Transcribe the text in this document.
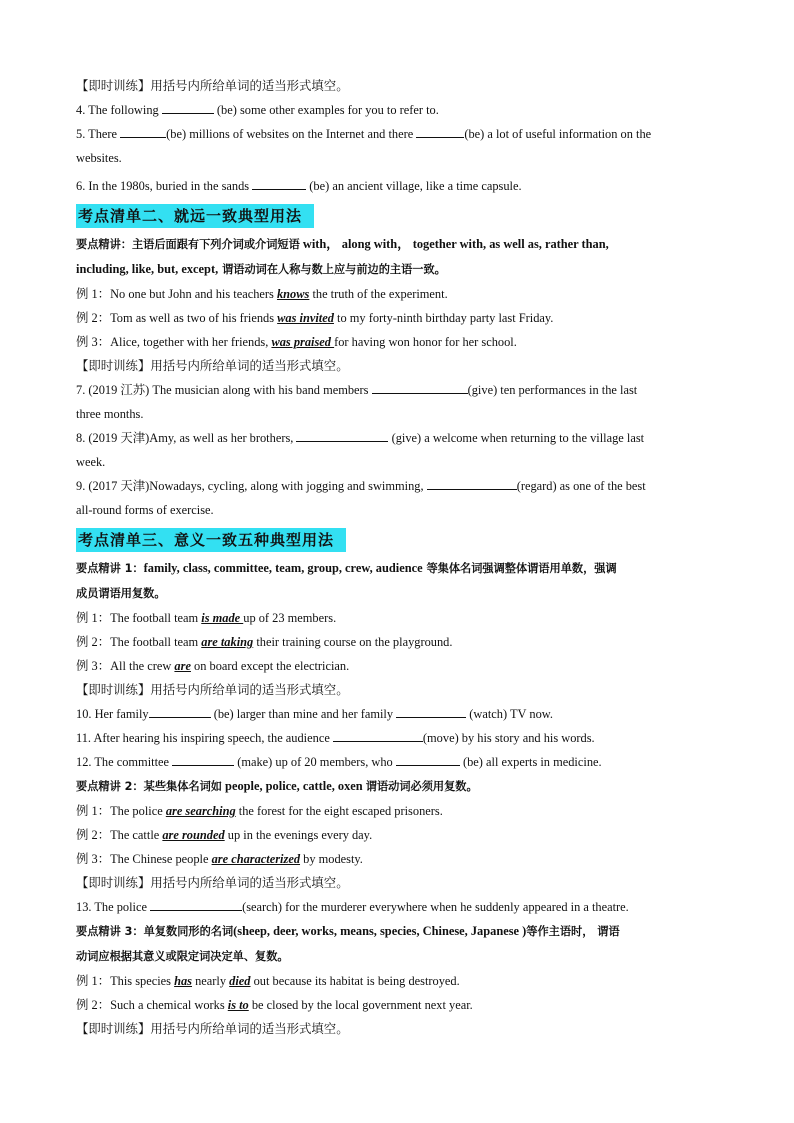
【即时训练】用括号内所给单词的适当形式填空。
4. The following	(be) some other examples for you to refer to.
5. There	(be) millions of websites on the Internet and there	(be) a lot of useful information on the
websites.
6. In the 1980s, buried in the sands	(be) an ancient village, like a time capsule.
考点清单二、就远一致典型用法
要点精讲：主语后面跟有下列介词或介词短语 with， along with， together with, as well as, rather than,
including, like, but, except, 谓语动词在人称与数上应与前边的主语一致。
例 1：No one but John and his teachers knows the truth of the experiment.
例 2：Tom as well as two of his friends was invited to my forty-ninth birthday party last Friday.
例 3：Alice, together with her friends, was praised for having won honor for her school.
【即时训练】用括号内所给单词的适当形式填空。
7. (2019 江苏) The musician along with his band members	(give) ten performances in the last
three months.
8. (2019 天津)Amy, as well as her brothers,	(give) a welcome when returning to the village last
week.
9. (2017 天津)Nowadays, cycling, along with jogging and swimming,	(regard) as one of the best
all-round forms of exercise.
考点清单三、意义一致五种典型用法
要点精讲 1：family, class, committee, team, group, crew, audience 等集体名词强调整体谓语用单数，强调
成员谓语用复数。
例 1：The football team is made up of 23 members.
例 2：The football team are taking their training course on the playground.
例 3：All the crew are on board except the electrician.
【即时训练】用括号内所给单词的适当形式填空。
10. Her family	(be) larger than mine and her family	(watch) TV now.
11. After hearing his inspiring speech, the audience	(move) by his story and his words.
12. The committee	(make) up of 20 members, who	(be) all experts in medicine.
要点精讲 2：某些集体名词如 people, police, cattle, oxen 谓语动词必须用复数。
例 1：The police are searching the forest for the eight escaped prisoners.
例 2：The cattle are rounded up in the evenings every day.
例 3：The Chinese people are characterized by modesty.
【即时训练】用括号内所给单词的适当形式填空。
13. The police	(search) for the murderer everywhere when he suddenly appeared in a theatre.
要点精讲 3：单复数同形的名词(sheep, deer, works, means, species, Chinese, Japanese )等作主语时， 谓语
动词应根据其意义或限定词决定单、复数。
例 1：This species has nearly died out because its habitat is being destroyed.
例 2：Such a chemical works is to be closed by the local government next year.
【即时训练】用括号内所给单词的适当形式填空。
